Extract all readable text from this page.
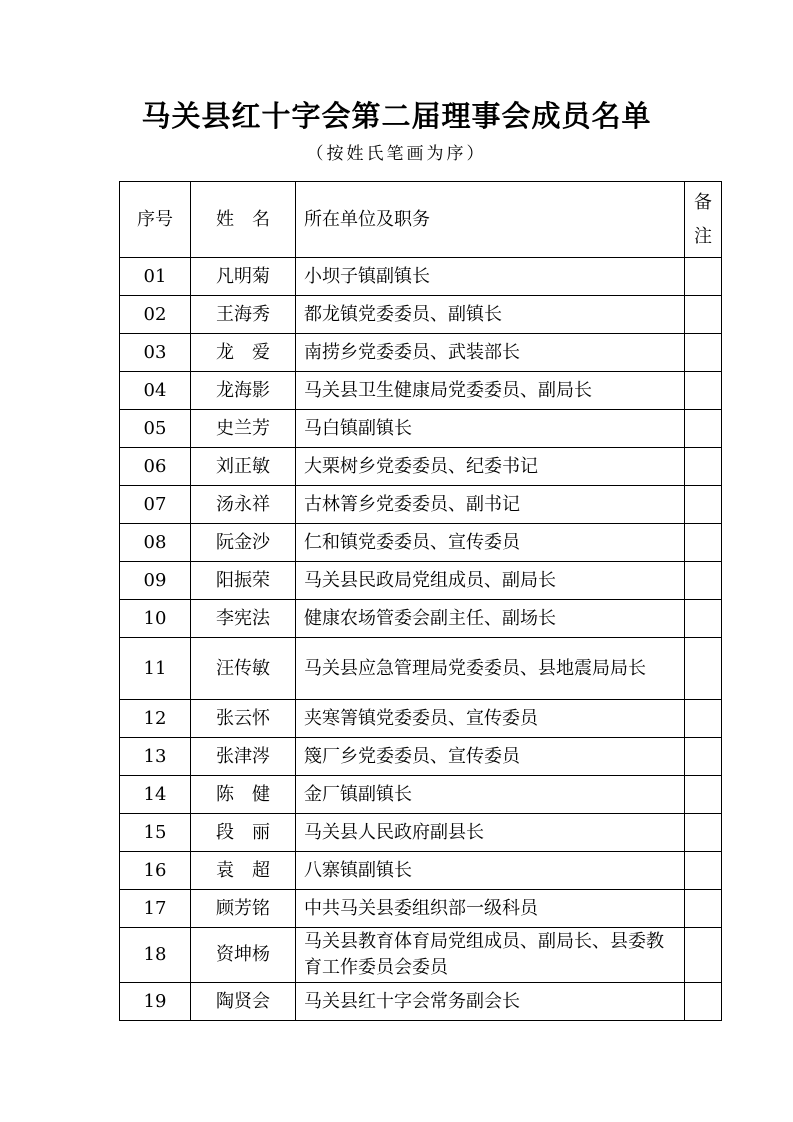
马关县红十字会第二届理事会成员名单
（按姓氏笔画为序）
序号	姓　名	所在单位及职务	备
注

01	凡明菊	小坝子镇副镇长	
02	王海秀	都龙镇党委委员、副镇长	
03	龙　爱	南捞乡党委委员、武装部长	
04	龙海影	马关县卫生健康局党委委员、副局长	
05	史兰芳	马白镇副镇长	
06	刘正敏	大栗树乡党委委员、纪委书记	
07	汤永祥	古林箐乡党委委员、副书记	
08	阮金沙	仁和镇党委委员、宣传委员	
09	阳振荣	马关县民政局党组成员、副局长	
10	李宪法	健康农场管委会副主任、副场长	
11	汪传敏	马关县应急管理局党委委员、县地震局局长	
12	张云怀	夹寒箐镇党委委员、宣传委员	
13	张津涔	篾厂乡党委委员、宣传委员	
14	陈　健	金厂镇副镇长	
15	段　丽	马关县人民政府副县长	
16	袁　超	八寨镇副镇长	
17	顾芳铭	中共马关县委组织部一级科员	
18	资坤杨	马关县教育体育局党组成员、副局长、县委教育工作委员会委员	
19	陶贤会	马关县红十字会常务副会长	
